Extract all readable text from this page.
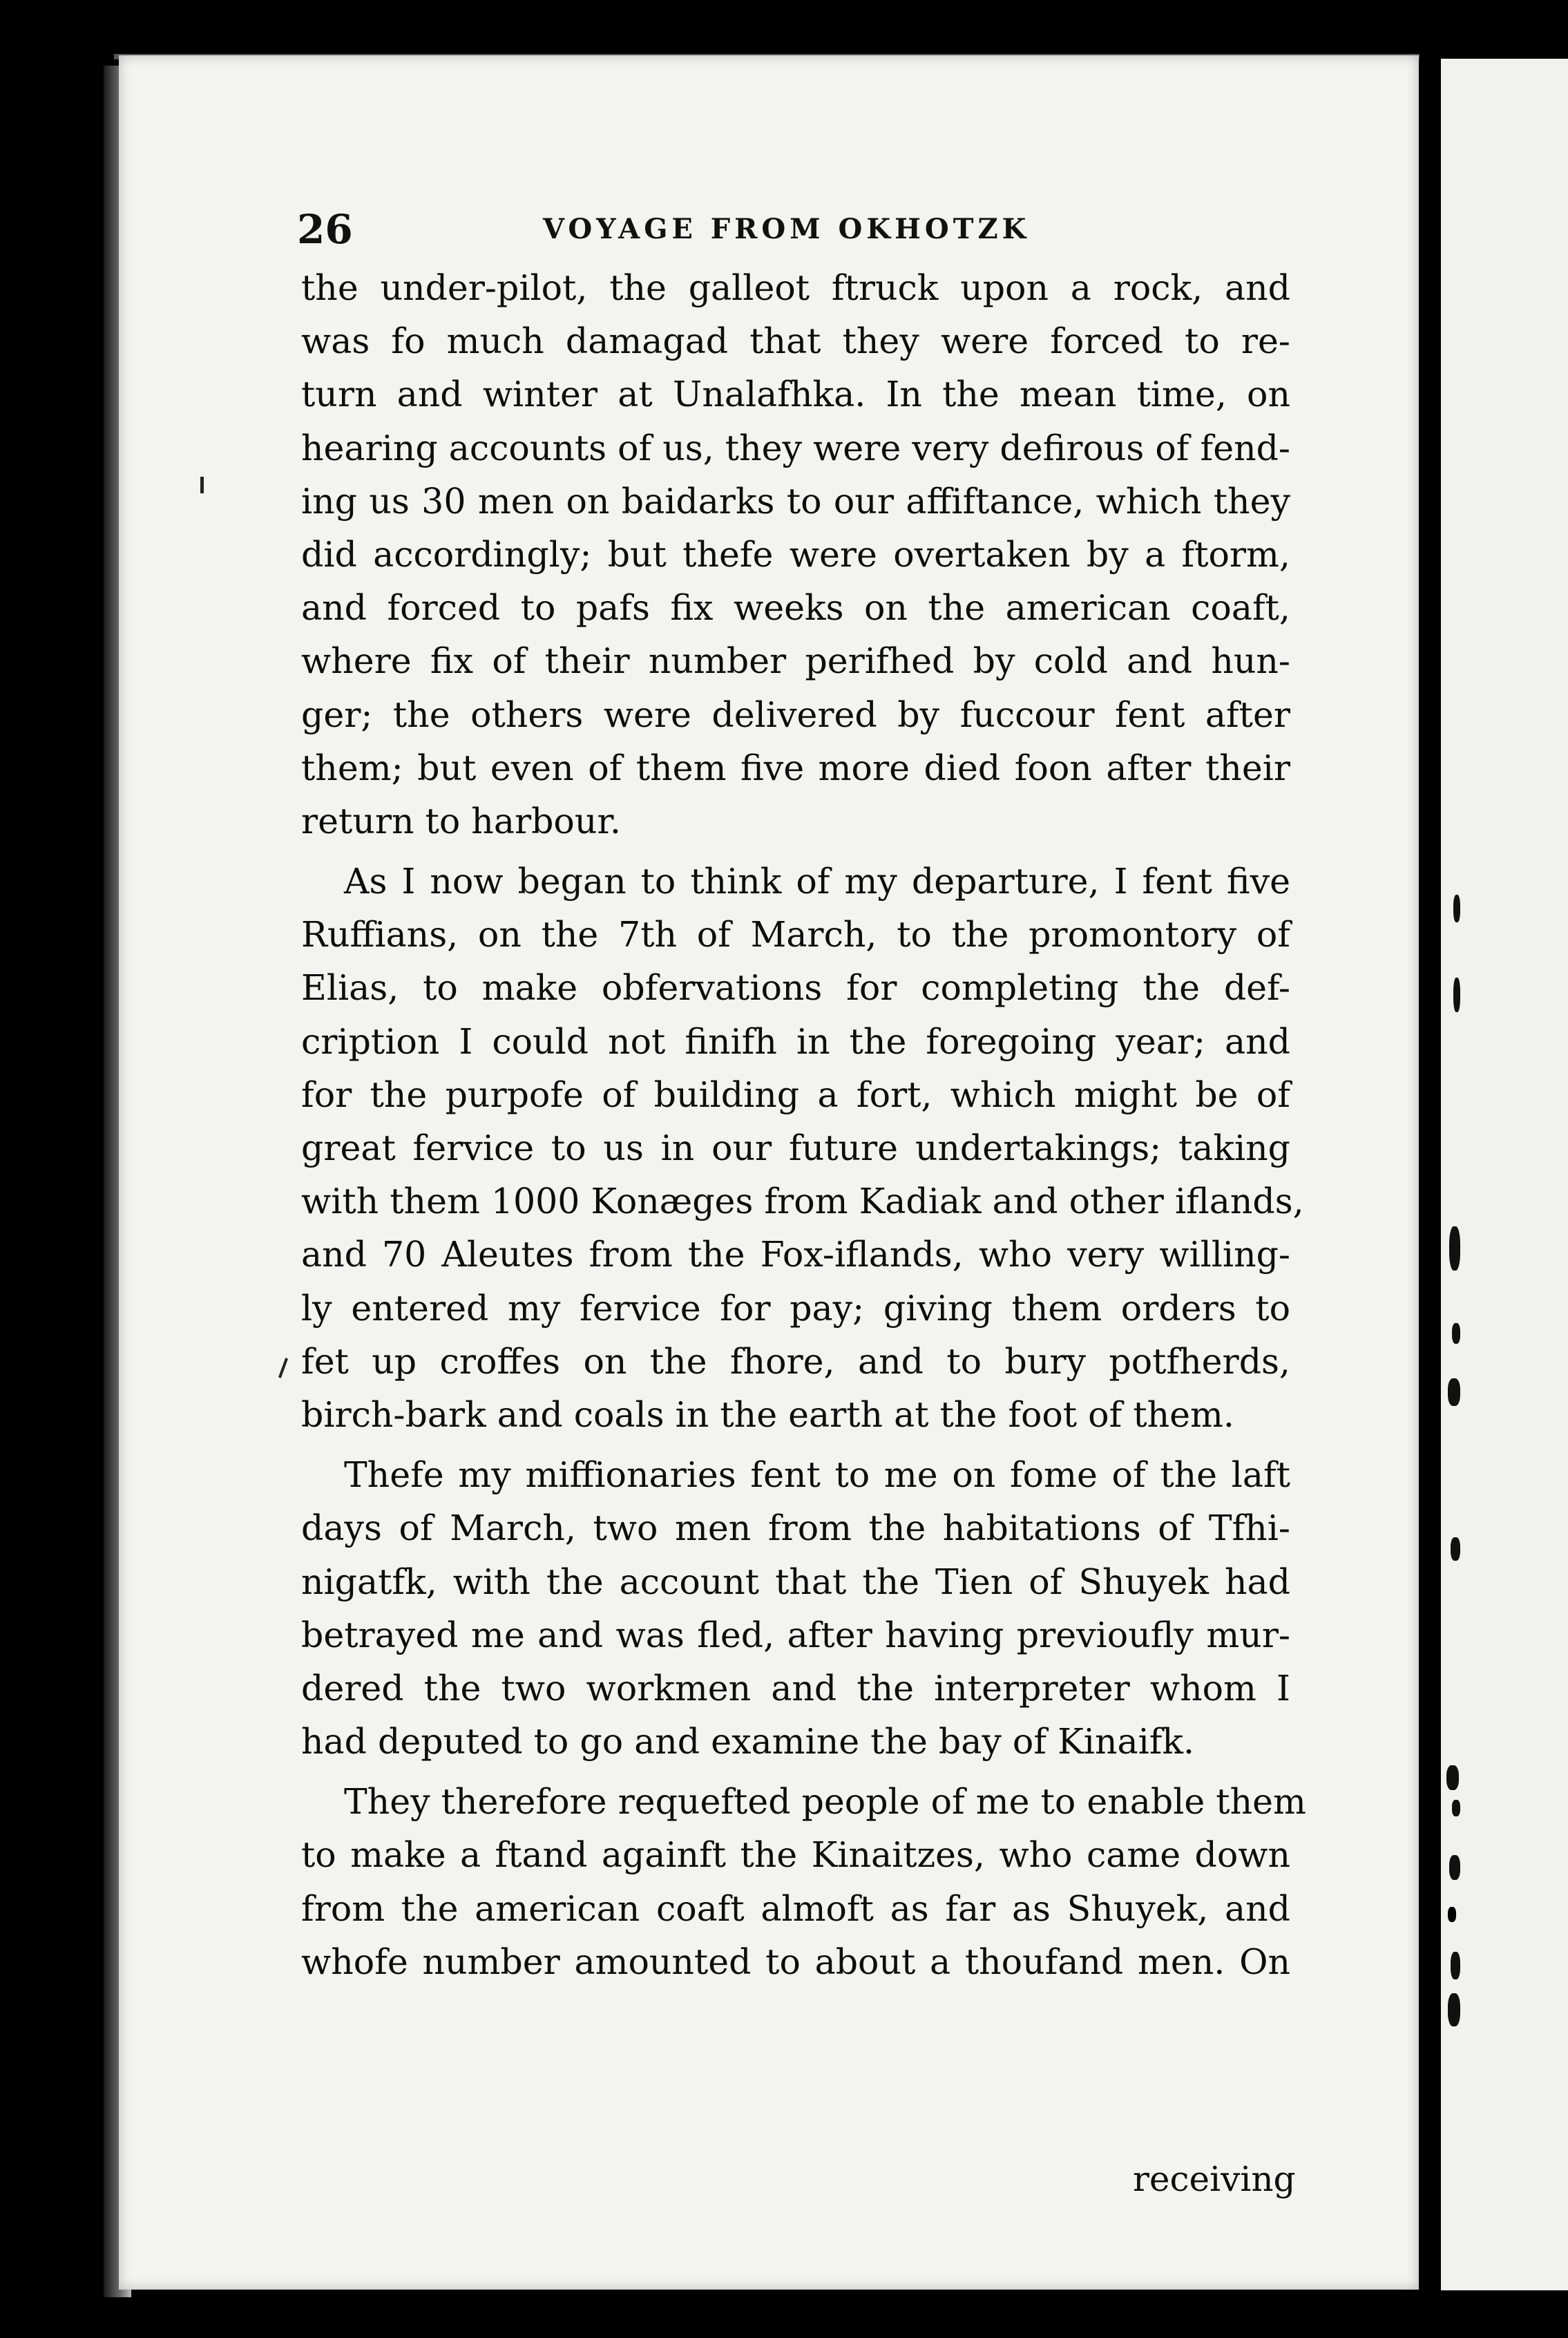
26	VOYAGE FROM OKHOTZK
the under-pilot, the galleot ftruck upon a rock, and
was fo much damagad that they were forced to re-
turn and winter at Unalafhka. In the mean time, on
hearing accounts of us, they were very defirous of fend-
ing us 30 men on baidarks to our affiftance, which they
did accordingly; but thefe were overtaken by a ftorm,
and forced to pafs fix weeks on the american coaft,
where fix of their number perifhed by cold and hun-
ger; the others were delivered by fuccour fent after
them; but even of them five more died foon after their
return to harbour.
As I now began to think of my departure, I fent five
Ruffians, on the 7th of March, to the promontory of
Elias, to make obfervations for completing the def-
cription I could not finifh in the foregoing year; and
for the purpofe of building a fort, which might be of
great fervice to us in our future undertakings; taking
with them 1000 Konæges from Kadiak and other iflands,
and 70 Aleutes from the Fox-iflands, who very willing-
ly entered my fervice for pay; giving them orders to
fet up croffes on the fhore, and to bury potfherds,
birch-bark and coals in the earth at the foot of them.
Thefe my miffionaries fent to me on fome of the laft
days of March, two men from the habitations of Tfhi-
nigatfk, with the account that the Tien of Shuyek had
betrayed me and was fled, after having previoufly mur-
dered the two workmen and the interpreter whom I
had deputed to go and examine the bay of Kinaifk.
They therefore requefted people of me to enable them
to make a ftand againft the Kinaitzes, who came down
from the american coaft almoft as far as Shuyek, and
whofe number amounted to about a thoufand men. On
receiving
